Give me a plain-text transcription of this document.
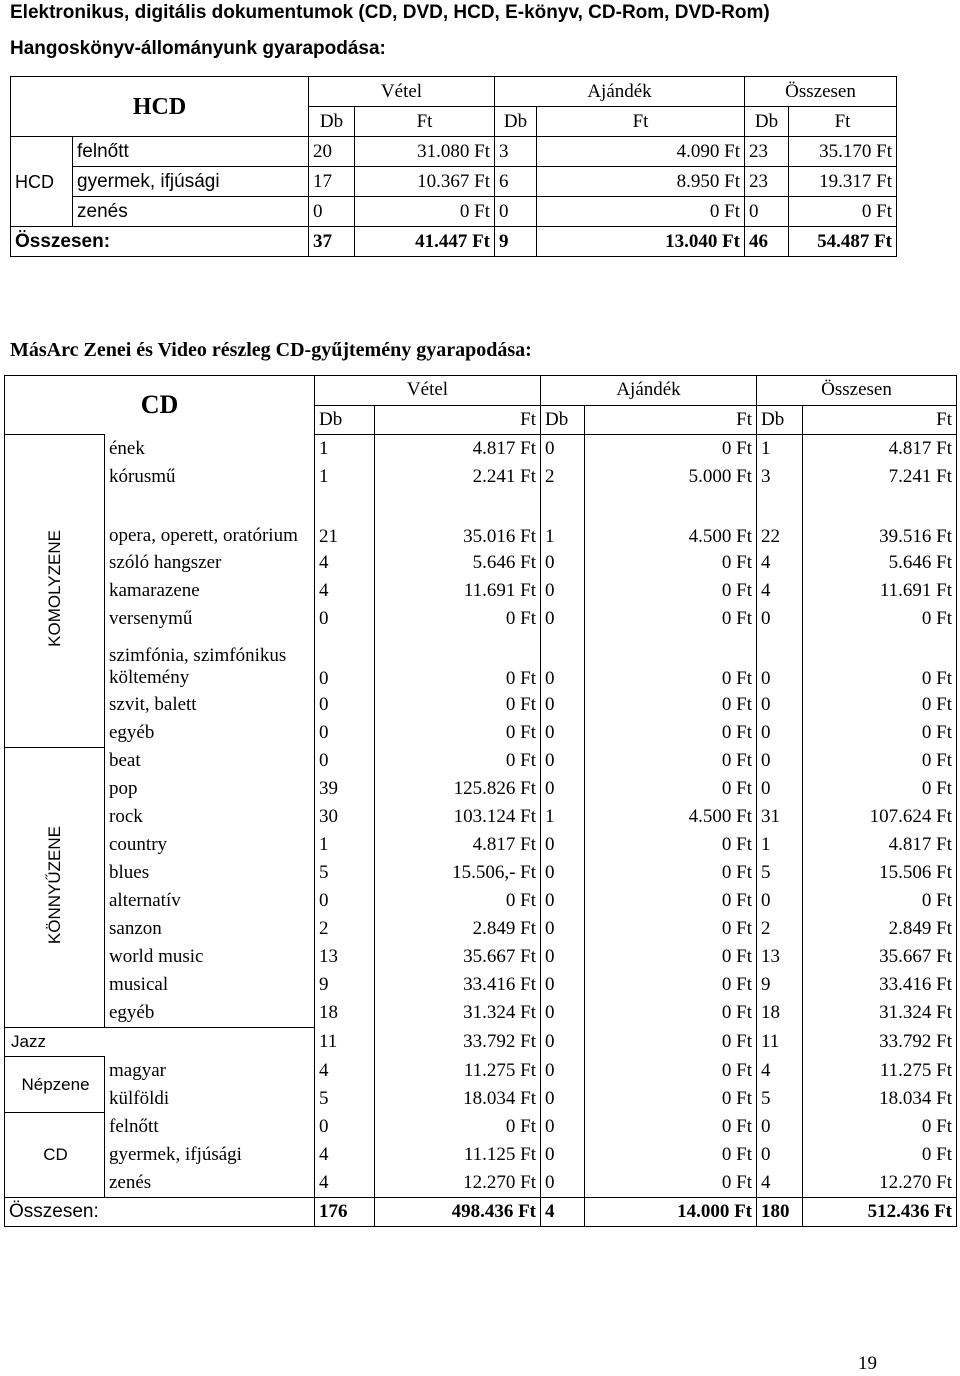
Elektronikus, digitális dokumentumok (CD, DVD, HCD, E-könyv, CD-Rom, DVD-Rom)
Hangoskönyv-állományunk gyarapodása:
HCD		Vétel		Ajándék		Összesen	
		Db	Ft	Db	Ft	Db	Ft
HCD	felnőtt	20	31.080 Ft	3	4.090 Ft	23	35.170 Ft
	gyermek, ifjúsági	17	10.367 Ft	6	8.950 Ft	23	19.317 Ft
	zenés	0	0 Ft	0	0 Ft	0	0 Ft
Összesen:		37	41.447 Ft	9	13.040 Ft	46	54.487 Ft
MásArc Zenei és Video részleg CD-gyűjtemény gyarapodása:
CD		Vétel		Ajándék		Összesen	
		Db	Ft	Db	Ft	Db	Ft
KOMOLYZENE	ének	1	4.817 Ft	0	0 Ft	1	4.817 Ft
	kórusmű	1	2.241 Ft	2	5.000 Ft	3	7.241 Ft
	opera, operett, oratórium	21	35.016 Ft	1	4.500 Ft	22	39.516 Ft
	szóló hangszer	4	5.646 Ft	0	0 Ft	4	5.646 Ft
	kamarazene	4	11.691 Ft	0	0 Ft	4	11.691 Ft
	versenymű	0	0 Ft	0	0 Ft	0	0 Ft
	szimfónia, szimfónikus költemény	0	0 Ft	0	0 Ft	0	0 Ft
	szvit, balett	0	0 Ft	0	0 Ft	0	0 Ft
	egyéb	0	0 Ft	0	0 Ft	0	0 Ft
KÖNNYŰZENE	beat	0	0 Ft	0	0 Ft	0	0 Ft
	pop	39	125.826 Ft	0	0 Ft	0	0 Ft
	rock	30	103.124 Ft	1	4.500 Ft	31	107.624 Ft
	country	1	4.817 Ft	0	0 Ft	1	4.817 Ft
	blues	5	15.506,- Ft	0	0 Ft	5	15.506 Ft
	alternatív	0	0 Ft	0	0 Ft	0	0 Ft
	sanzon	2	2.849 Ft	0	0 Ft	2	2.849 Ft
	world music	13	35.667 Ft	0	0 Ft	13	35.667 Ft
	musical	9	33.416 Ft	0	0 Ft	9	33.416 Ft
	egyéb	18	31.324 Ft	0	0 Ft	18	31.324 Ft
Jazz		11	33.792 Ft	0	0 Ft	11	33.792 Ft
Népzene	magyar	4	11.275 Ft	0	0 Ft	4	11.275 Ft
	külföldi	5	18.034 Ft	0	0 Ft	5	18.034 Ft
CD	felnőtt	0	0 Ft	0	0 Ft	0	0 Ft
	gyermek, ifjúsági	4	11.125 Ft	0	0 Ft	0	0 Ft
	zenés	4	12.270 Ft	0	0 Ft	4	12.270 Ft
Összesen:		176	498.436 Ft	4	14.000 Ft	180	512.436 Ft
19
